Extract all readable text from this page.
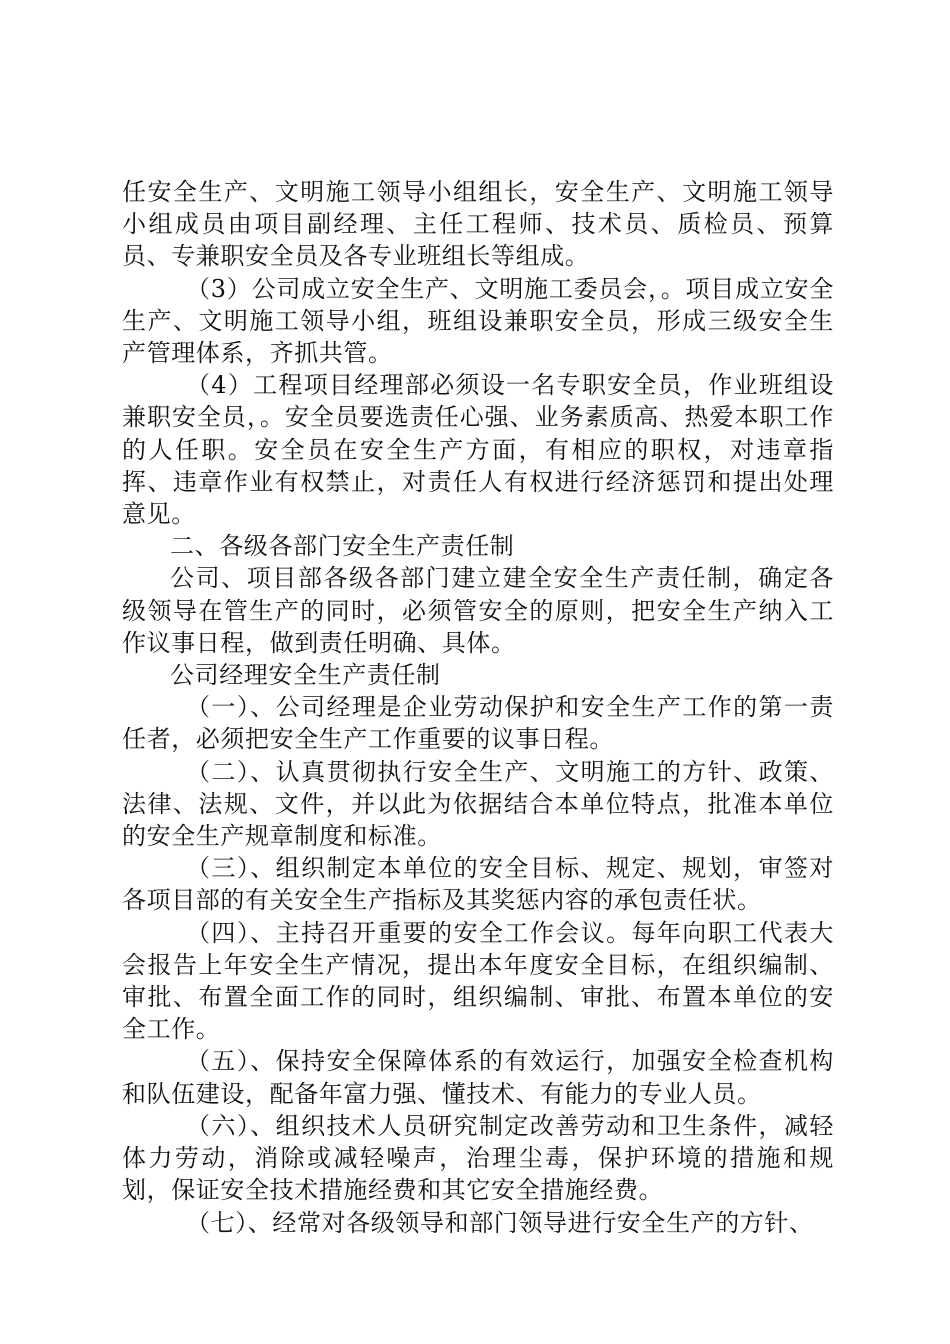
任安全生产、文明施工领导小组组长，安全生产、文明施工领导小组成员由项目副经理、主任工程师、技术员、质检员、预算员、专兼职安全员及各专业班组长等组成。

（3）公司成立安全生产、文明施工委员会，。项目成立安全生产、文明施工领导小组，班组设兼职安全员，形成三级安全生产管理体系，齐抓共管。

（4）工程项目经理部必须设一名专职安全员，作业班组设兼职安全员，。安全员要选责任心强、业务素质高、热爱本职工作的人任职。安全员在安全生产方面，有相应的职权，对违章指挥、违章作业有权禁止，对责任人有权进行经济惩罚和提出处理意见。

二、各级各部门安全生产责任制

公司、项目部各级各部门建立建全安全生产责任制，确定各级领导在管生产的同时，必须管安全的原则，把安全生产纳入工作议事日程，做到责任明确、具体。

公司经理安全生产责任制

（一）、公司经理是企业劳动保护和安全生产工作的第一责任者，必须把安全生产工作重要的议事日程。

（二）、认真贯彻执行安全生产、文明施工的方针、政策、法律、法规、文件，并以此为依据结合本单位特点，批准本单位的安全生产规章制度和标准。

（三）、组织制定本单位的安全目标、规定、规划，审签对各项目部的有关安全生产指标及其奖惩内容的承包责任状。

（四）、主持召开重要的安全工作会议。每年向职工代表大会报告上年安全生产情况，提出本年度安全目标，在组织编制、审批、布置全面工作的同时，组织编制、审批、布置本单位的安全工作。

（五）、保持安全保障体系的有效运行，加强安全检查机构和队伍建设，配备年富力强、懂技术、有能力的专业人员。

（六）、组织技术人员研究制定改善劳动和卫生条件，减轻体力劳动，消除或减轻噪声，治理尘毒，保护环境的措施和规划，保证安全技术措施经费和其它安全措施经费。

（七）、经常对各级领导和部门领导进行安全生产的方针、
